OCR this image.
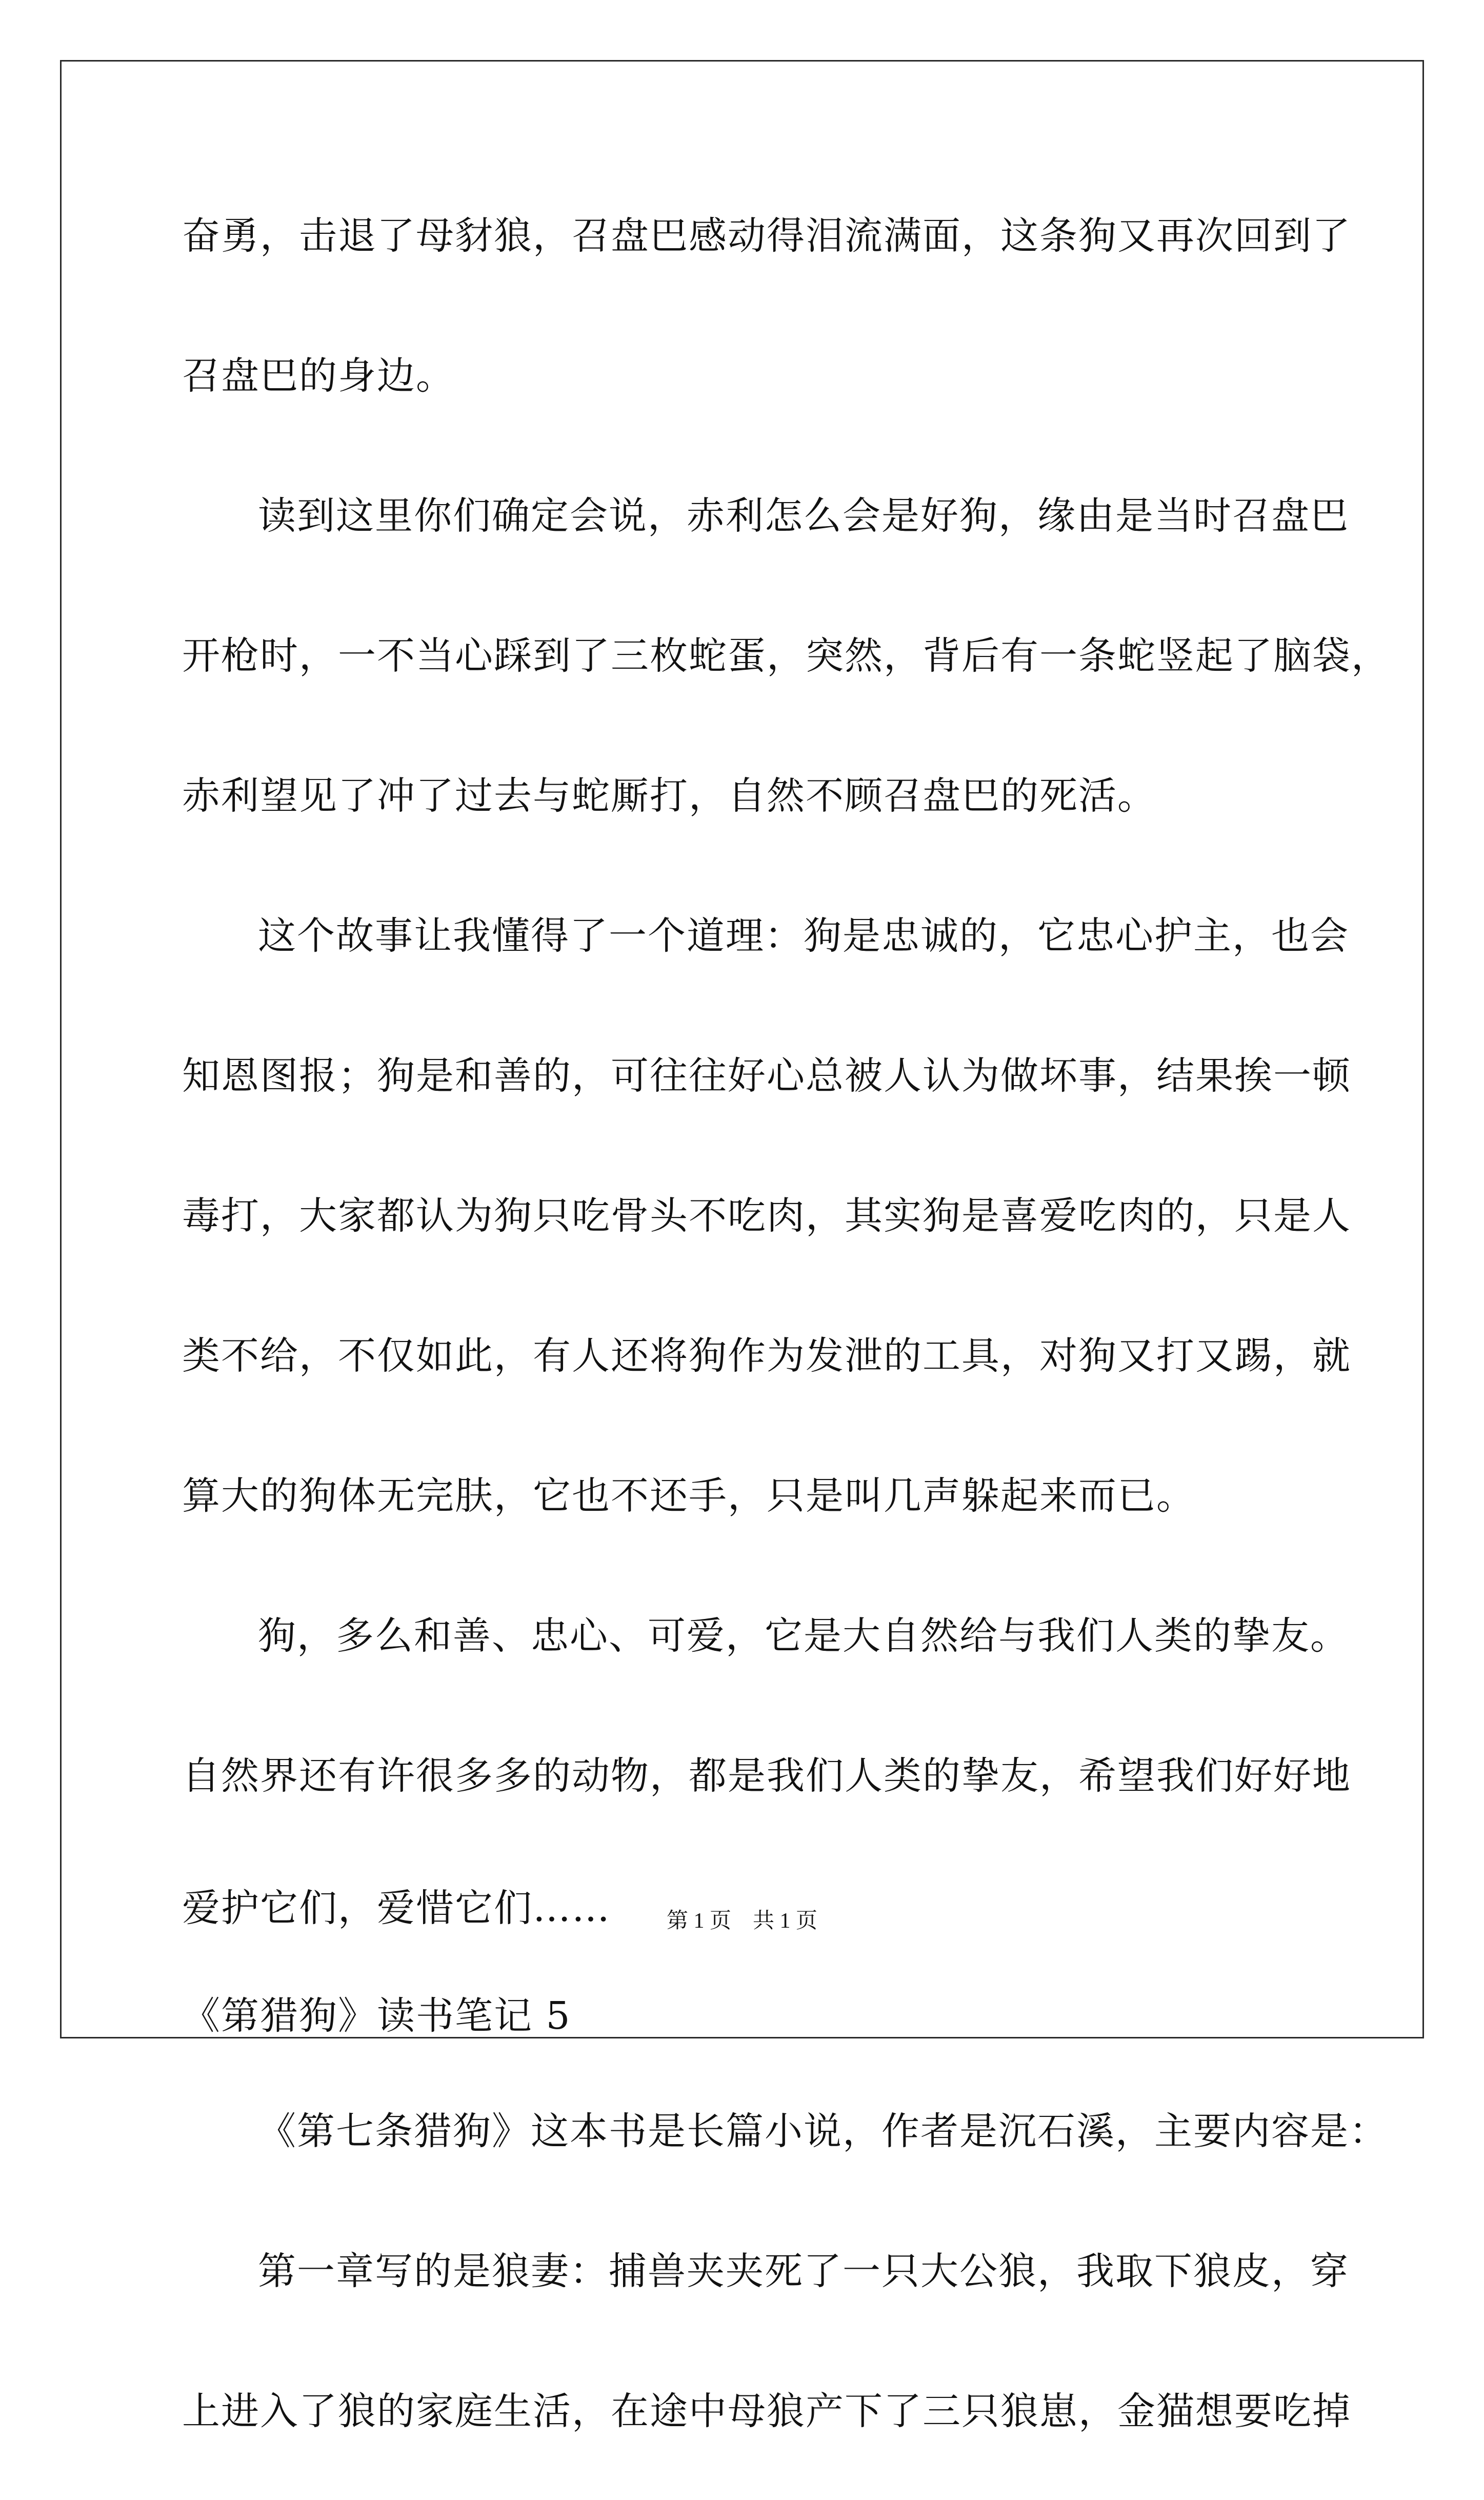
奋勇，击退了母豺狼，召盘巴感动得泪流满面，这条狗又再次回到了
召盘巴的身边。
读到这里你们确定会说，赤利怎么会是好狗，缘由是当时召盘巴
开枪时，一不当心踩到了三枚蛇蛋，突然，背后有一条蛇竖起了脑袋，
赤利望见了冲了过去与蛇厮打，自然不顾召盘巴的死活。
这个故事让我懂得了一个道理：狗是忠诚的，它忠心护主，也会
知恩图报；狗是和善的，可往往好心总被人认为做坏事，结果挨一顿
毒打，大家都认为狗只吃骨头不吃肉，其实狗是喜爱吃肉的，只是人
类不给，不仅如此，有人还将狗作为发泄的工具，对狗又打又踢，就
算大的狗体无完肤，它也不还手，只是叫几声躲起来而已。
狗，多么和善、忠心、可爱，它是大自然给与我们人类的挚友。
自然界还有许很多多的动物，都是我们人类的挚友，希望我们好好地
爱护它们，爱惜它们……
《第猎狗》读书笔记 5
《第七条猎狗》这本书是长篇小说，作者是沉石溪，主要内容是：
第一章写的是狼妻：捕兽夹夹死了一只大公狼，我取下狼皮，穿
上进入了狼的家庭生活，在途中母狼产下了三只狼崽，金猫想要吃掉
第 1 页　共 1 页
